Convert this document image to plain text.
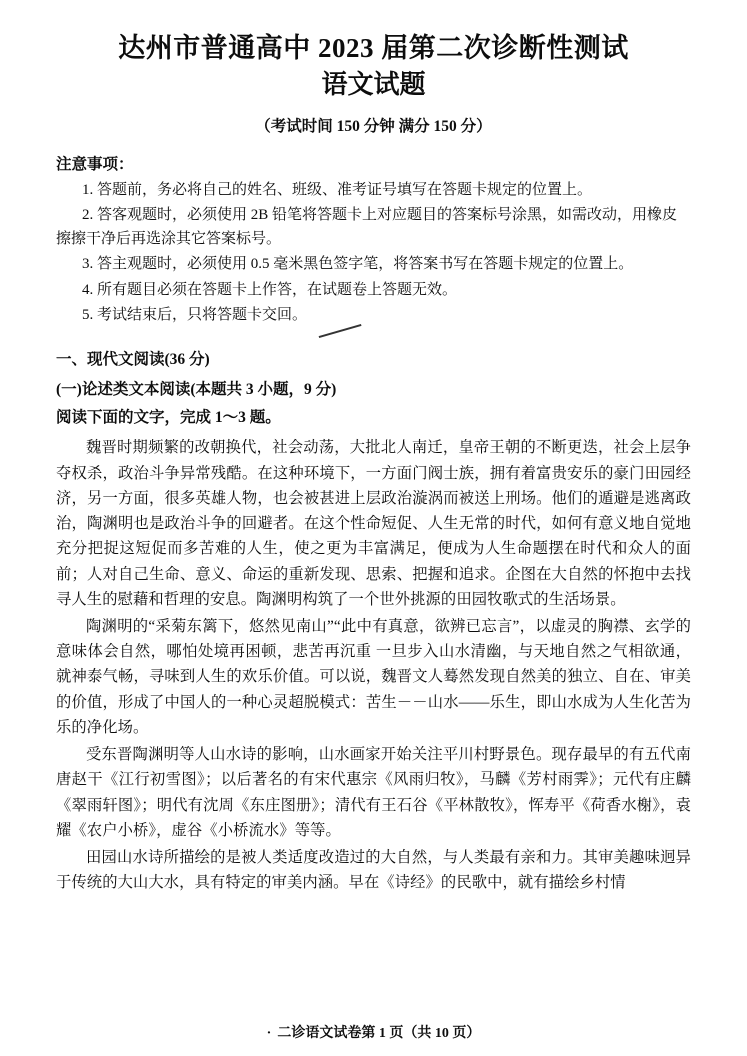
达州市普通高中 2023 届第二次诊断性测试
语文试题
（考试时间 150 分钟 满分 150 分）
注意事项：
1. 答题前，务必将自己的姓名、班级、准考证号填写在答题卡规定的位置上。
2. 答客观题时，必须使用 2B 铅笔将答题卡上对应题目的答案标号涂黑，如需改动，用橡皮擦擦干净后再选涂其它答案标号。
3. 答主观题时，必须使用 0.5 毫米黑色签字笔，将答案书写在答题卡规定的位置上。
4. 所有题目必须在答题卡上作答，在试题卷上答题无效。
5. 考试结束后，只将答题卡交回。
一、现代文阅读(36 分)
(一)论述类文本阅读(本题共 3 小题，9 分)
阅读下面的文字，完成 1～3 题。

魏晋时期频繁的改朝换代，社会动荡，大批北人南迁，皇帝王朝的不断更迭，社会上层争夺权杀，政治斗争异常残酷。在这种环境下，一方面门阀士族，拥有着富贵安乐的豪门田园经济，另一方面，很多英雄人物，也会被甚进上层政治漩涡而被送上刑场。他们的遁避是逃离政治，陶渊明也是政治斗争的回避者。在这个性命短促、人生无常的时代，如何有意义地自觉地充分把捉这短促而多苦难的人生，使之更为丰富满足，便成为人生命题摆在时代和众人的面前；人对自己生命、意义、命运的重新发现、思索、把握和追求。企图在大自然的怀抱中去找寻人生的慰藉和哲理的安息。陶渊明构筑了一个世外挑源的田园牧歌式的生活场景。

陶渊明的“采菊东篱下，悠然见南山”“此中有真意，欲辨已忘言”，以虚灵的胸襟、玄学的意味体会自然，哪怕处境再困顿，悲苦再沉重 一旦步入山水清幽，与天地自然之气相欲通，就神泰气畅，寻味到人生的欢乐价值。可以说，魏晋文人蓦然发现自然美的独立、自在、审美的价值，形成了中国人的一种心灵超脱模式：苦生－－山水——乐生，即山水成为人生化苦为乐的净化场。

受东晋陶渊明等人山水诗的影响，山水画家开始关注平川村野景色。现存最早的有五代南唐赵干《江行初雪图》；以后著名的有宋代惠宗《风雨归牧》，马麟《芳村雨霁》；元代有庄麟《翠雨轩图》；明代有沈周《东庄图册》；清代有王石谷《平林散牧》，恽寿平《荷香水榭》，袁耀《农户小桥》，虚谷《小桥流水》等等。

田园山水诗所描绘的是被人类适度改造过的大自然，与人类最有亲和力。其审美趣味迥异于传统的大山大水，具有特定的审美内涵。早在《诗经》的民歌中，就有描绘乡村情

· 二诊语文试卷第 1 页（共 10 页）
